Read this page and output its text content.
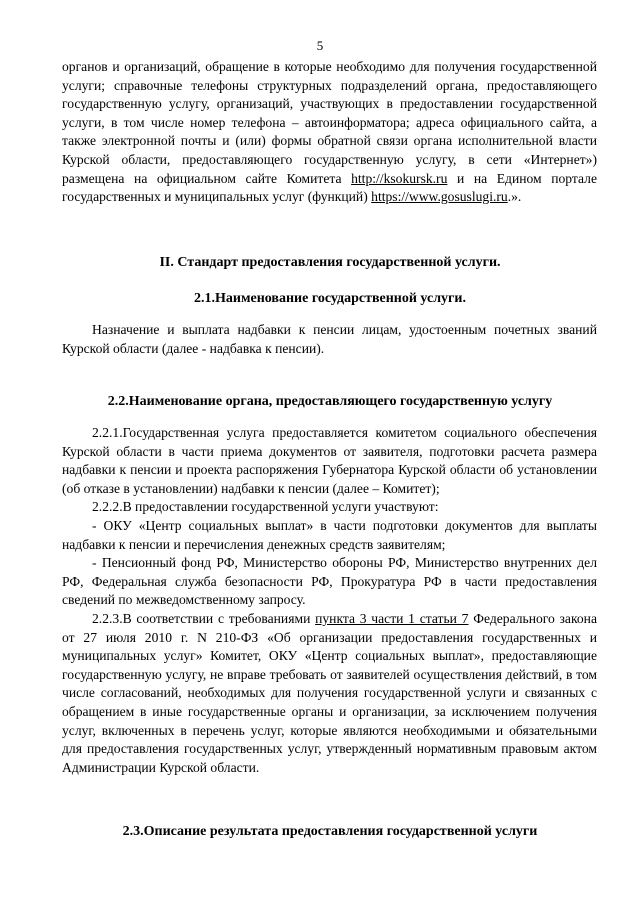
5

органов и организаций, обращение в которые необходимо для получения государственной услуги; справочные телефоны структурных подразделений органа, предоставляющего государственную услугу, организаций, участвующих в предоставлении государственной услуги, в том числе номер телефона – автоинформатора; адреса официального сайта, а также электронной почты и (или) формы обратной связи органа исполнительной власти Курской области, предоставляющего государственную услугу, в сети «Интернет») размещена на официальном сайте Комитета http://ksokursk.ru и на Едином портале государственных и муниципальных услуг (функций) https://www.gosuslugi.ru.».

II. Стандарт предоставления государственной услуги.
2.1.Наименование государственной услуги.

Назначение и выплата надбавки к пенсии лицам, удостоенным почетных званий Курской области (далее - надбавка к пенсии).

2.2.Наименование органа, предоставляющего государственную услугу

2.2.1.Государственная услуга предоставляется комитетом социального обеспечения Курской области в части приема документов от заявителя, подготовки расчета размера надбавки к пенсии и проекта распоряжения Губернатора Курской области об установлении (об отказе в установлении) надбавки к пенсии (далее – Комитет);

2.2.2.В предоставлении государственной услуги участвуют:

- ОКУ «Центр социальных выплат» в части подготовки документов для выплаты надбавки к пенсии и перечисления денежных средств заявителям;

- Пенсионный фонд РФ, Министерство обороны РФ, Министерство внутренних дел РФ, Федеральная служба безопасности РФ, Прокуратура РФ в части предоставления сведений по межведомственному запросу.

2.2.3.В соответствии с требованиями пункта 3 части 1 статьи 7 Федерального закона от 27 июля 2010 г. N 210-ФЗ «Об организации предоставления государственных и муниципальных услуг» Комитет, ОКУ «Центр социальных выплат», предоставляющие государственную услугу, не вправе требовать от заявителей осуществления действий, в том числе согласований, необходимых для получения государственной услуги и связанных с обращением в иные государственные органы и организации, за исключением получения услуг, включенных в перечень услуг, которые являются необходимыми и обязательными для предоставления государственных услуг, утвержденный нормативным правовым актом Администрации Курской области.

2.3.Описание результата предоставления государственной услуги
